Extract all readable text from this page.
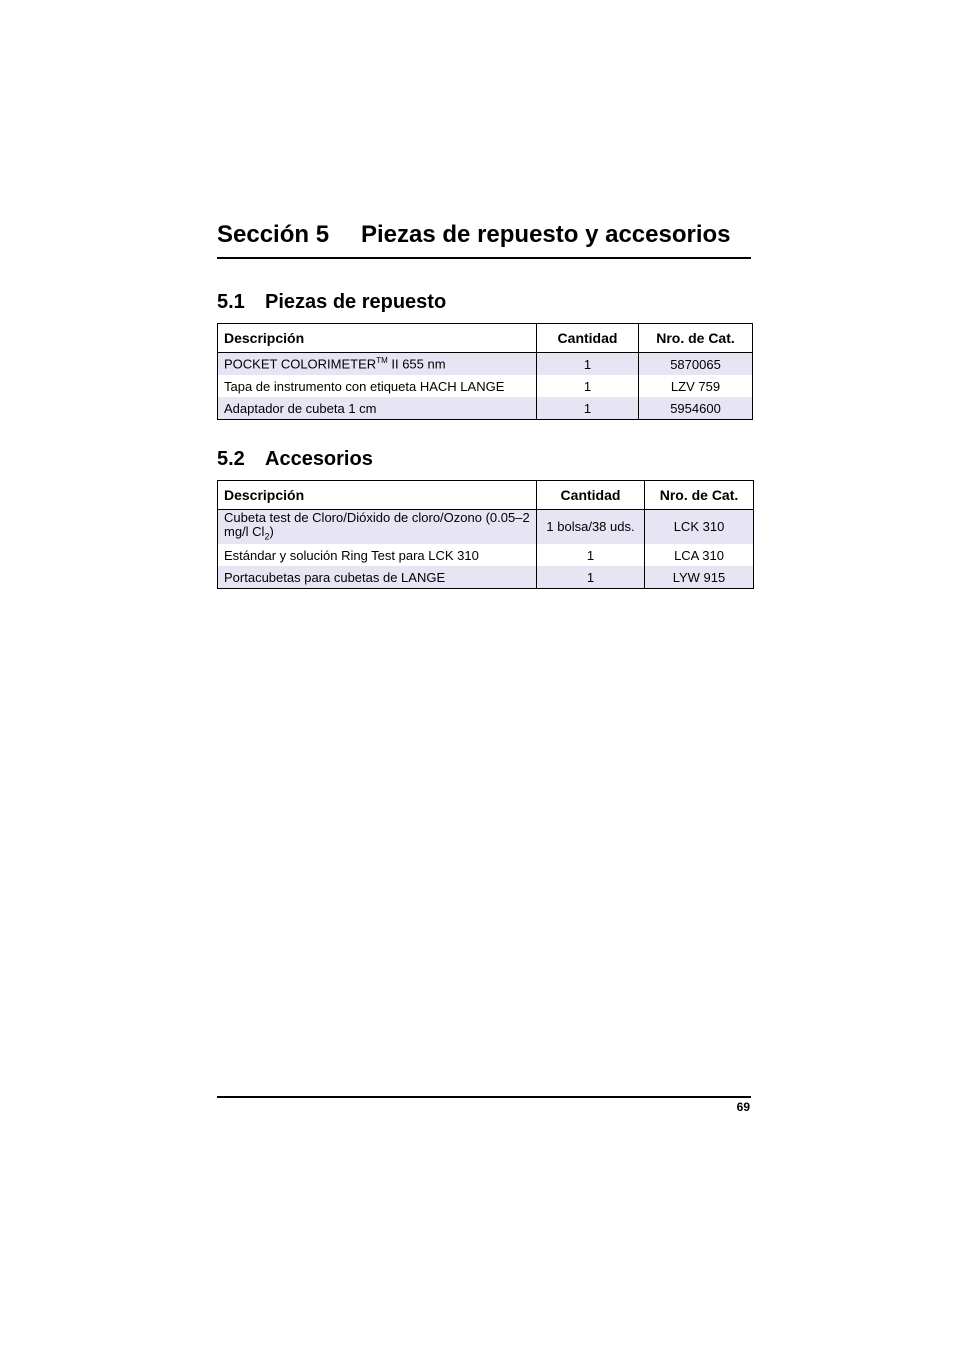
Sección 5 Piezas de repuesto y accesorios
5.1 Piezas de repuesto
Descripción	Cantidad	Nro. de Cat.
POCKET COLORIMETER™ II 655 nm	1	5870065
Tapa de instrumento con etiqueta HACH LANGE	1	LZV 759
Adaptador de cubeta 1 cm	1	5954600
5.2 Accesorios
Descripción	Cantidad	Nro. de Cat.
Cubeta test de Cloro/Dióxido de cloro/Ozono (0.05–2 mg/l $Cl_2$)	1 bolsa/38 uds.	LCK 310
Estándar y solución Ring Test para LCK 310	1	LCA 310
Portacubetas para cubetas de LANGE	1	LYW 915
69
